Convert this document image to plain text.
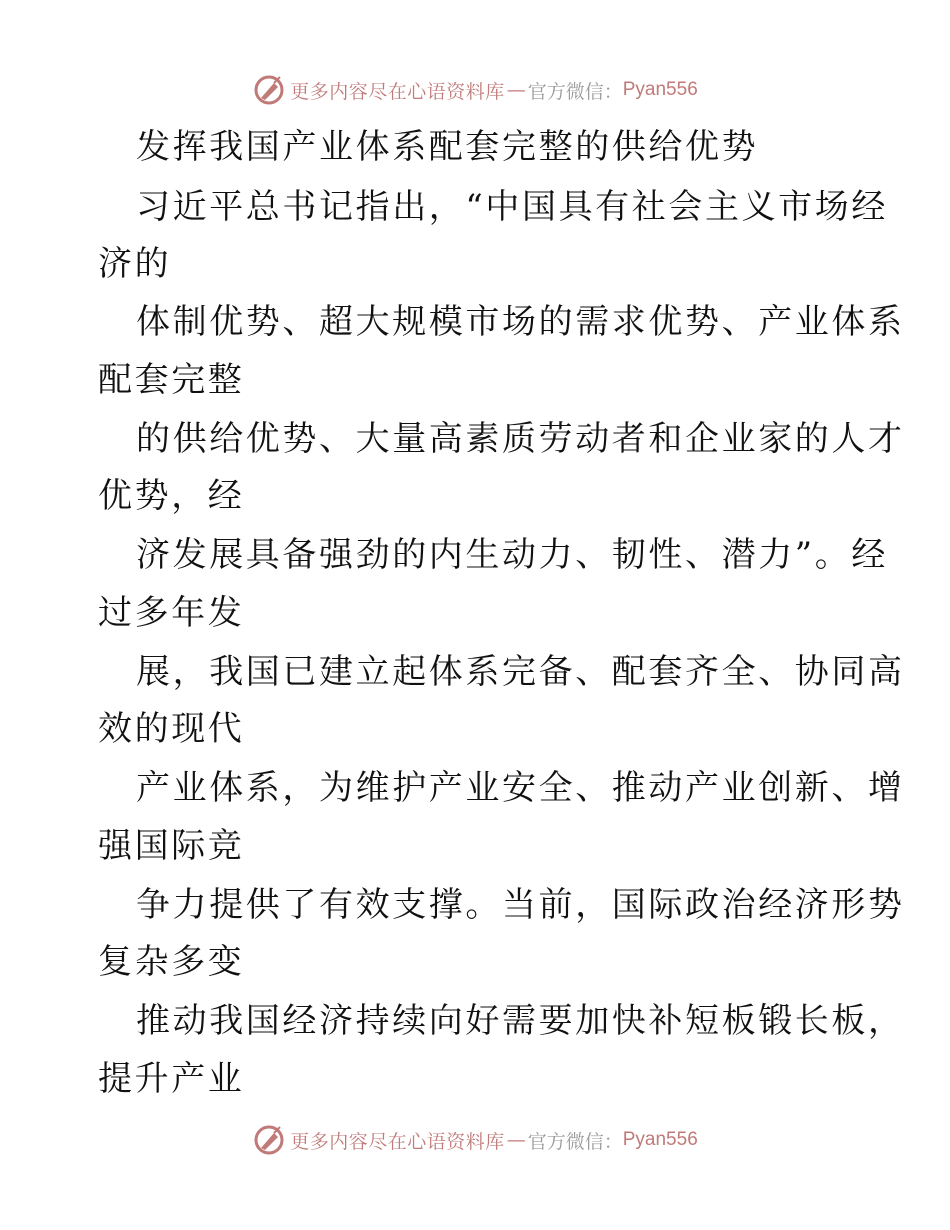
更多内容尽在心语资料库 — 官方微信： Pyan556
发挥我国产业体系配套完整的供给优势
习近平总书记指出，“中国具有社会主义市场经
济的
体制优势、超大规模市场的需求优势、产业体系
配套完整
的供给优势、大量高素质劳动者和企业家的人才
优势，经
济发展具备强劲的内生动力、韧性、潜力”。经
过多年发
展，我国已建立起体系完备、配套齐全、协同高
效的现代
产业体系，为维护产业安全、推动产业创新、增
强国际竞
争力提供了有效支撑。当前，国际政治经济形势
复杂多变
推动我国经济持续向好需要加快补短板锻长板，
提升产业
更多内容尽在心语资料库 — 官方微信： Pyan556
